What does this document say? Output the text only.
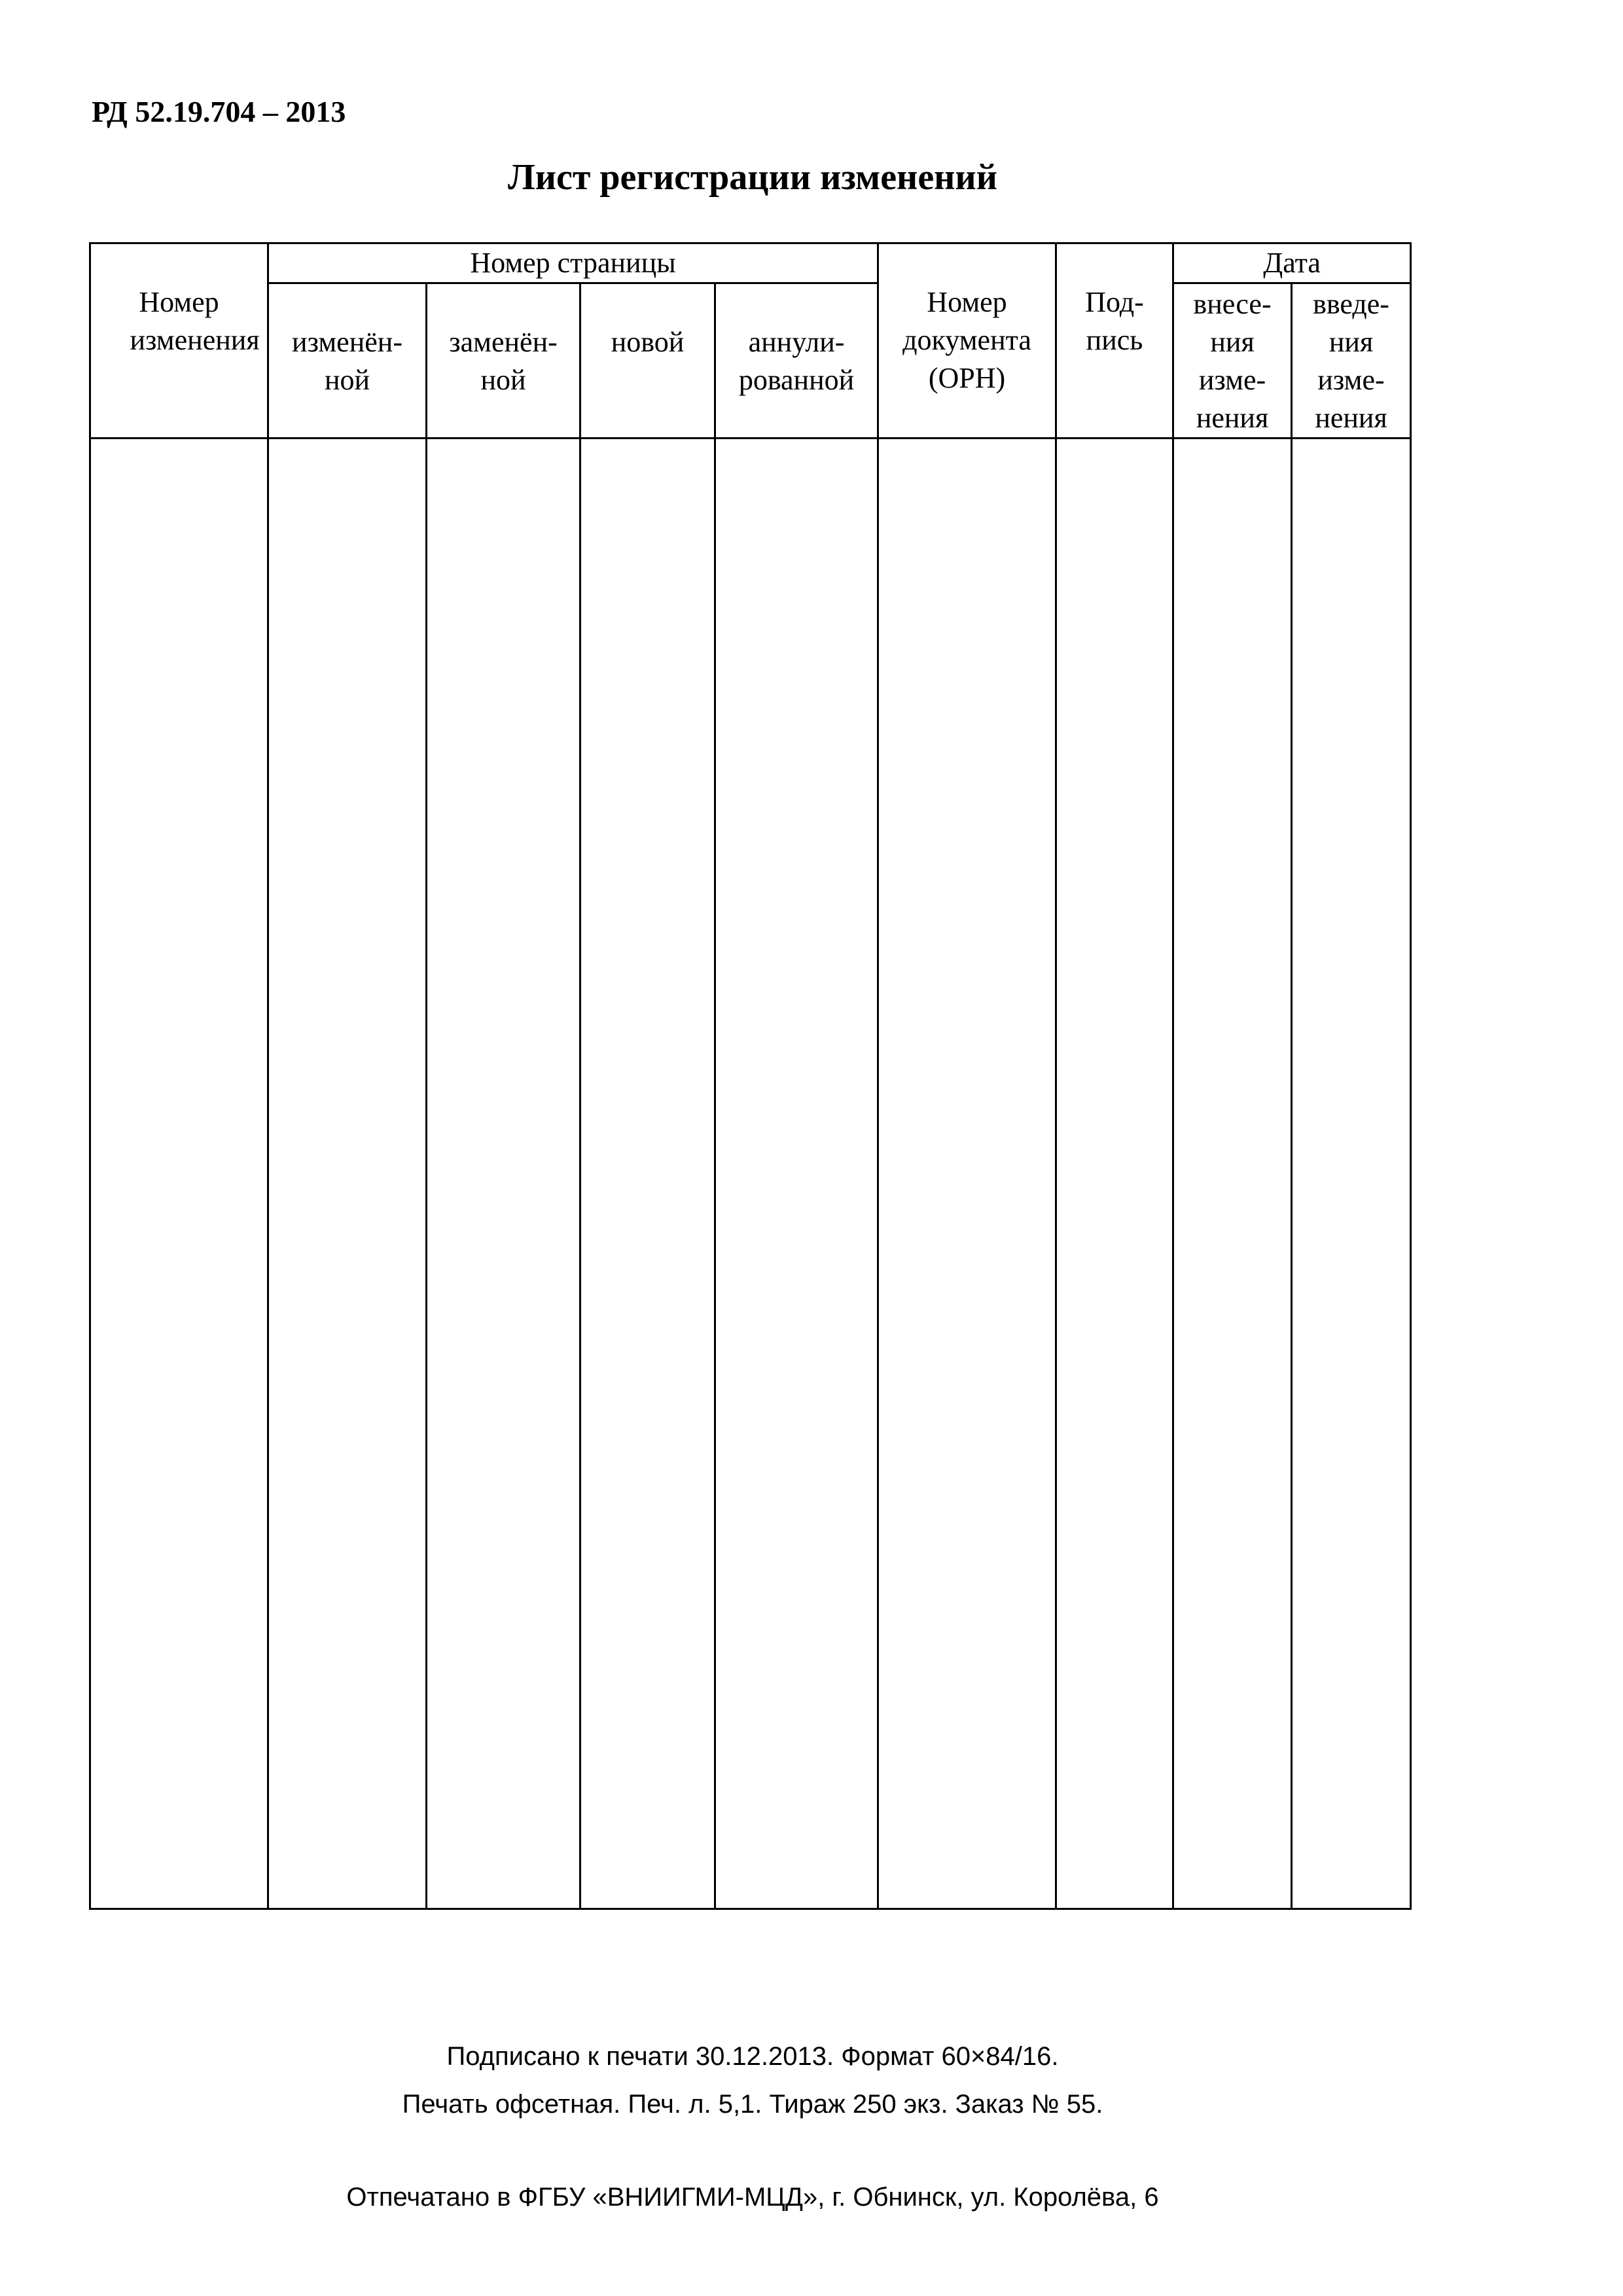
РД 52.19.704 – 2013
Лист регистрации изменений
Номер изменения	Номер страницы				Номер документа (ОРН)	Под-пись	Дата	

	изменён-ной	заменён-ной	новой	аннули-рованной			внесе-ния изме-нения	введе-ния изме-нения

Подписано к печати 30.12.2013. Формат 60×84/16.
Печать офсетная. Печ. л. 5,1. Тираж 250 экз. Заказ № 55.
Отпечатано в ФГБУ «ВНИИГМИ-МЦД», г. Обнинск, ул. Королёва, 6
